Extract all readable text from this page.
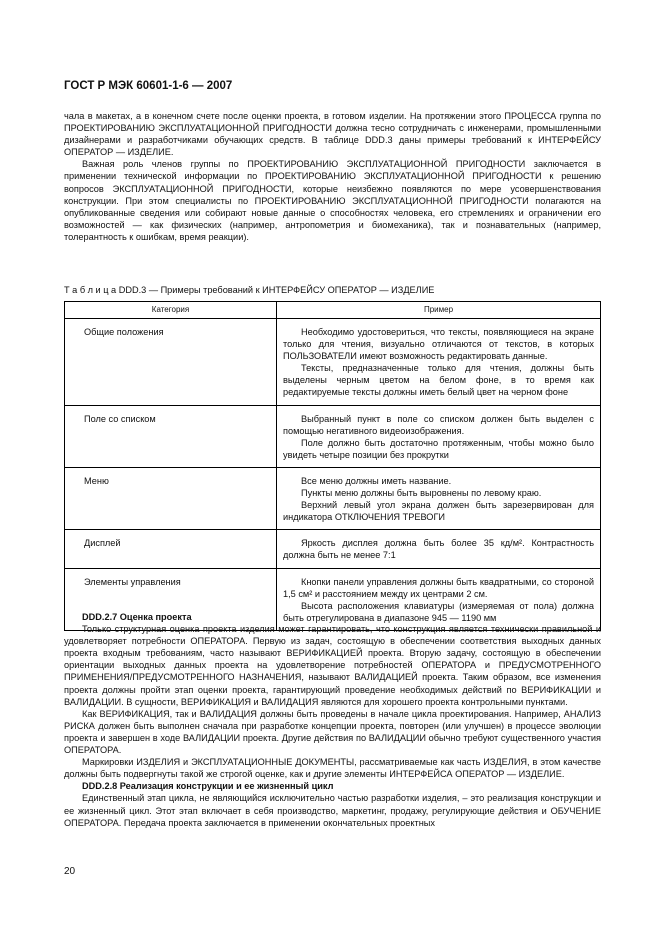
ГОСТ Р МЭК 60601-1-6 — 2007

чала в макетах, а в конечном счете после оценки проекта, в готовом изделии. На протяжении этого ПРОЦЕССА группа по ПРОЕКТИРОВАНИЮ ЭКСПЛУАТАЦИОННОЙ ПРИГОДНОСТИ должна тесно сотрудничать с инженерами, промышленными дизайнерами и разработчиками обучающих средств. В таблице DDD.3 даны примеры требований к ИНТЕРФЕЙСУ ОПЕРАТОР — ИЗДЕЛИЕ.

Важная роль членов группы по ПРОЕКТИРОВАНИЮ ЭКСПЛУАТАЦИОННОЙ ПРИГОДНОСТИ заключается в применении технической информации по ПРОЕКТИРОВАНИЮ ЭКСПЛУАТАЦИОННОЙ ПРИГОДНОСТИ к решению вопросов ЭКСПЛУАТАЦИОННОЙ ПРИГОДНОСТИ, которые неизбежно появляются по мере усовершенствования конструкции. При этом специалисты по ПРОЕКТИРОВАНИЮ ЭКСПЛУАТАЦИОННОЙ ПРИГОДНОСТИ полагаются на опубликованные сведения или собирают новые данные о способностях человека, его стремлениях и ограничении его возможностей — как физических (например, антропометрия и биомеханика), так и познавательных (например, толерантность к ошибкам, время реакции).

Т а б л и ц а DDD.3 — Примеры требований к ИНТЕРФЕЙСУ ОПЕРАТОР — ИЗДЕЛИЕ
Категория	Пример
Общие положения	Необходимо удостовериться, что тексты, появляющиеся на экране только для чтения, визуально отличаются от текстов, в которых ПОЛЬЗОВАТЕЛИ имеют возможность редактировать данные.

Тексты, предназначенные только для чтения, должны быть выделены черным цветом на белом фоне, в то время как редактируемые тексты должны иметь белый цвет на черном фоне

Поле со списком	Выбранный пункт в поле со списком должен быть выделен с помощью негативного видеоизображения.

Поле должно быть достаточно протяженным, чтобы можно было увидеть четыре позиции без прокрутки

Меню	Все меню должны иметь название.

Пункты меню должны быть выровнены по левому краю.

Верхний левый угол экрана должен быть зарезервирован для индикатора ОТКЛЮЧЕНИЯ ТРЕВОГИ

Дисплей	Яркость дисплея должна быть более 35 кд/м². Контрастность должна быть не менее 7:1

Элементы управления	Кнопки панели управления должны быть квадратными, со стороной 1,5 см² и расстоянием между их центрами 2 см.

Высота расположения клавиатуры (измеряемая от пола) должна быть отрегулирована в диапазоне 945 — 1190 мм

DDD.2.7 Оценка проекта

Только структурная оценка проекта изделия может гарантировать, что конструкция является технически правильной и удовлетворяет потребности ОПЕРАТОРА. Первую из задач, состоящую в обеспечении соответствия выходных данных проекта входным требованиям, часто называют ВЕРИФИКАЦИЕЙ проекта. Вторую задачу, состоящую в обеспечении ориентации выходных данных проекта на удовлетворение потребностей ОПЕРАТОРА и ПРЕДУСМОТРЕННОГО ПРИМЕНЕНИЯ/ПРЕДУСМОТРЕННОГО НАЗНАЧЕНИЯ, называют ВАЛИДАЦИЕЙ проекта. Таким образом, все изменения проекта должны пройти этап оценки проекта, гарантирующий проведение необходимых действий по ВЕРИФИКАЦИИ и ВАЛИДАЦИИ. В сущности, ВЕРИФИКАЦИЯ и ВАЛИДАЦИЯ являются для хорошего проекта контрольными пунктами.

Как ВЕРИФИКАЦИЯ, так и ВАЛИДАЦИЯ должны быть проведены в начале цикла проектирования. Например, АНАЛИЗ РИСКА должен быть выполнен сначала при разработке концепции проекта, повторен (или улучшен) в процессе эволюции проекта и завершен в ходе ВАЛИДАЦИИ проекта. Другие действия по ВАЛИДАЦИИ обычно требуют существенного участия ОПЕРАТОРА.

Маркировки ИЗДЕЛИЯ и ЭКСПЛУАТАЦИОННЫЕ ДОКУМЕНТЫ, рассматриваемые как часть ИЗДЕЛИЯ, в этом качестве должны быть подвергнуты такой же строгой оценке, как и другие элементы ИНТЕРФЕЙСА ОПЕРАТОР — ИЗДЕЛИЕ.

DDD.2.8 Реализация конструкции и ее жизненный цикл

Единственный этап цикла, не являющийся исключительно частью разработки изделия, – это реализация конструкции и ее жизненный цикл. Этот этап включает в себя производство, маркетинг, продажу, регулирующие действия и ОБУЧЕНИЕ ОПЕРАТОРА. Передача проекта заключается в применении окончательных проектных

20
